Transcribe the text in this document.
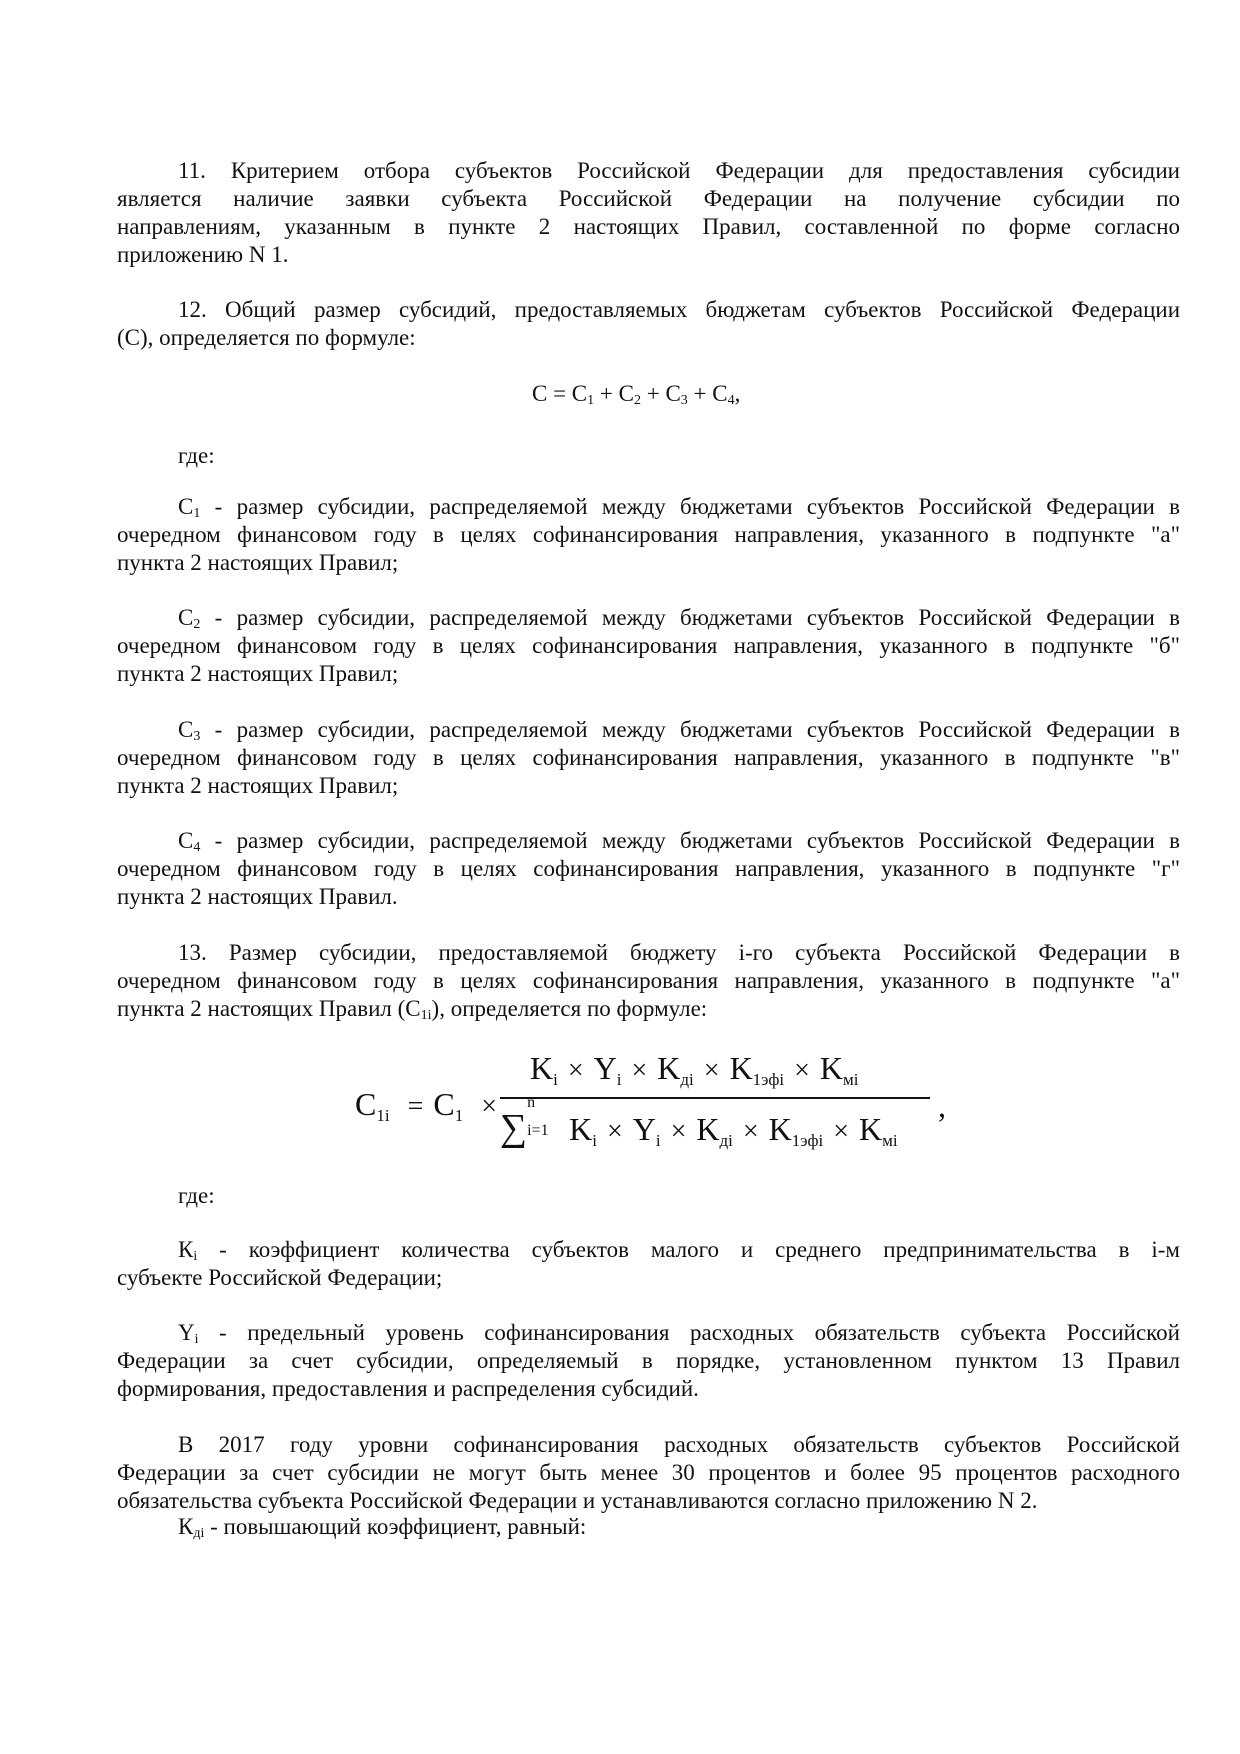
11. Критерием отбора субъектов Российской Федерации для предоставления субсидии
является наличие заявки субъекта Российской Федерации на получение субсидии по
направлениям, указанным в пункте 2 настоящих Правил, составленной по форме согласно
приложению N 1.
12. Общий размер субсидий, предоставляемых бюджетам субъектов Российской Федерации
(С), определяется по формуле:
где:
$С_1$ - размер субсидии, распределяемой между бюджетами субъектов Российской Федерации в
очередном финансовом году в целях софинансирования направления, указанного в подпункте "а"
пункта 2 настоящих Правил;
$С_2$ - размер субсидии, распределяемой между бюджетами субъектов Российской Федерации в
очередном финансовом году в целях софинансирования направления, указанного в подпункте "б"
пункта 2 настоящих Правил;
$С_3$ - размер субсидии, распределяемой между бюджетами субъектов Российской Федерации в
очередном финансовом году в целях софинансирования направления, указанного в подпункте "в"
пункта 2 настоящих Правил;
$С_4$ - размер субсидии, распределяемой между бюджетами субъектов Российской Федерации в
очередном финансовом году в целях софинансирования направления, указанного в подпункте "г"
пункта 2 настоящих Правил.
13. Размер субсидии, предоставляемой бюджету i-го субъекта Российской Федерации в
очередном финансовом году в целях софинансирования направления, указанного в подпункте "а"
пункта 2 настоящих Правил $(С_{1i})$, определяется по формуле:
где:
$К_i$ - коэффициент количества субъектов малого и среднего предпринимательства в i-м
субъекте Российской Федерации;
$Y_i$ - предельный уровень софинансирования расходных обязательств субъекта Российской
Федерации за счет субсидии, определяемый в порядке, установленном пунктом 13 Правил
формирования, предоставления и распределения субсидий.
В 2017 году уровни софинансирования расходных обязательств субъектов Российской
Федерации за счет субсидии не могут быть менее 30 процентов и более 95 процентов расходного
обязательства субъекта Российской Федерации и устанавливаются согласно приложению N 2.
$К_{дi}$ - повышающий коэффициент, равный:
$С = С_1 + С_2 + С_3 + С_4$,
$C_{1i} = C_1$ ×
$K_i \times Y_i \times K_{дi} \times K_{1эфi} \times K_{мi}$
∑
n
i=1 $K_i \times Y_i \times K_{дi} \times K_{1эфi} \times K_{мi}$
,
